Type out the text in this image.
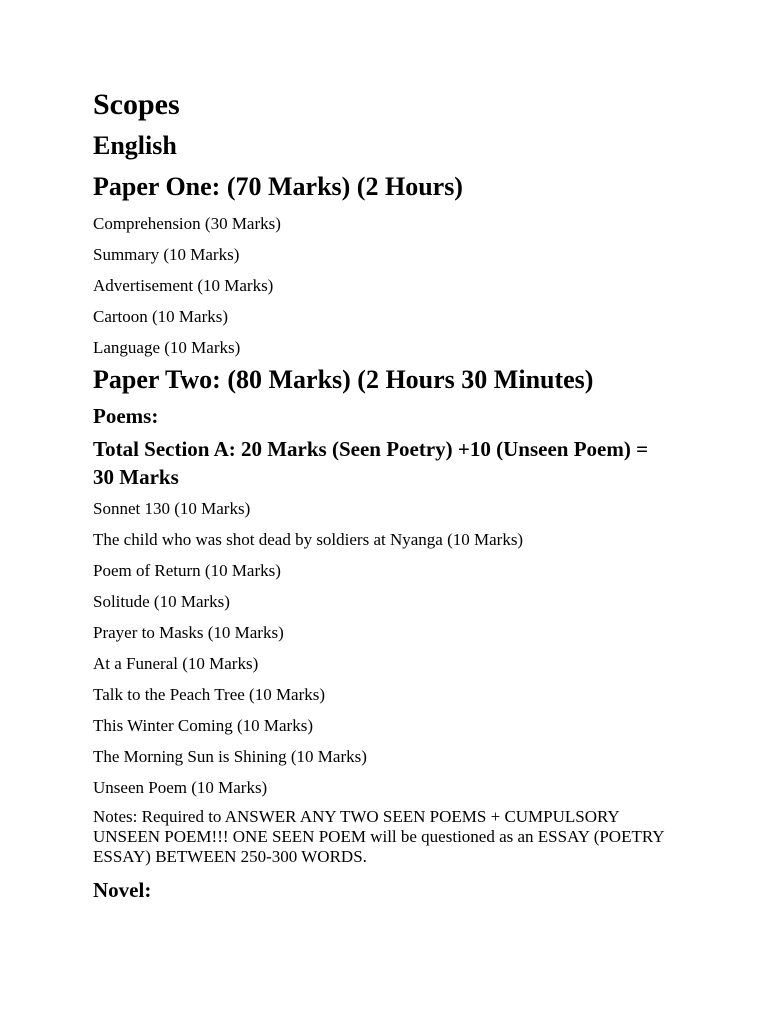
Scopes
English
Paper One: (70 Marks) (2 Hours)
Comprehension (30 Marks)
Summary (10 Marks)
Advertisement (10 Marks)
Cartoon (10 Marks)
Language (10 Marks)
Paper Two: (80 Marks) (2 Hours 30 Minutes)
Poems:
Total Section A: 20 Marks (Seen Poetry) +10 (Unseen Poem) = 30 Marks
Sonnet 130 (10 Marks)
The child who was shot dead by soldiers at Nyanga (10 Marks)
Poem of Return (10 Marks)
Solitude (10 Marks)
Prayer to Masks (10 Marks)
At a Funeral (10 Marks)
Talk to the Peach Tree (10 Marks)
This Winter Coming (10 Marks)
The Morning Sun is Shining (10 Marks)
Unseen Poem (10 Marks)
Notes: Required to ANSWER ANY TWO SEEN POEMS + CUMPULSORY UNSEEN POEM!!! ONE SEEN POEM will be questioned as an ESSAY (POETRY ESSAY) BETWEEN 250-300 WORDS.
Novel:
